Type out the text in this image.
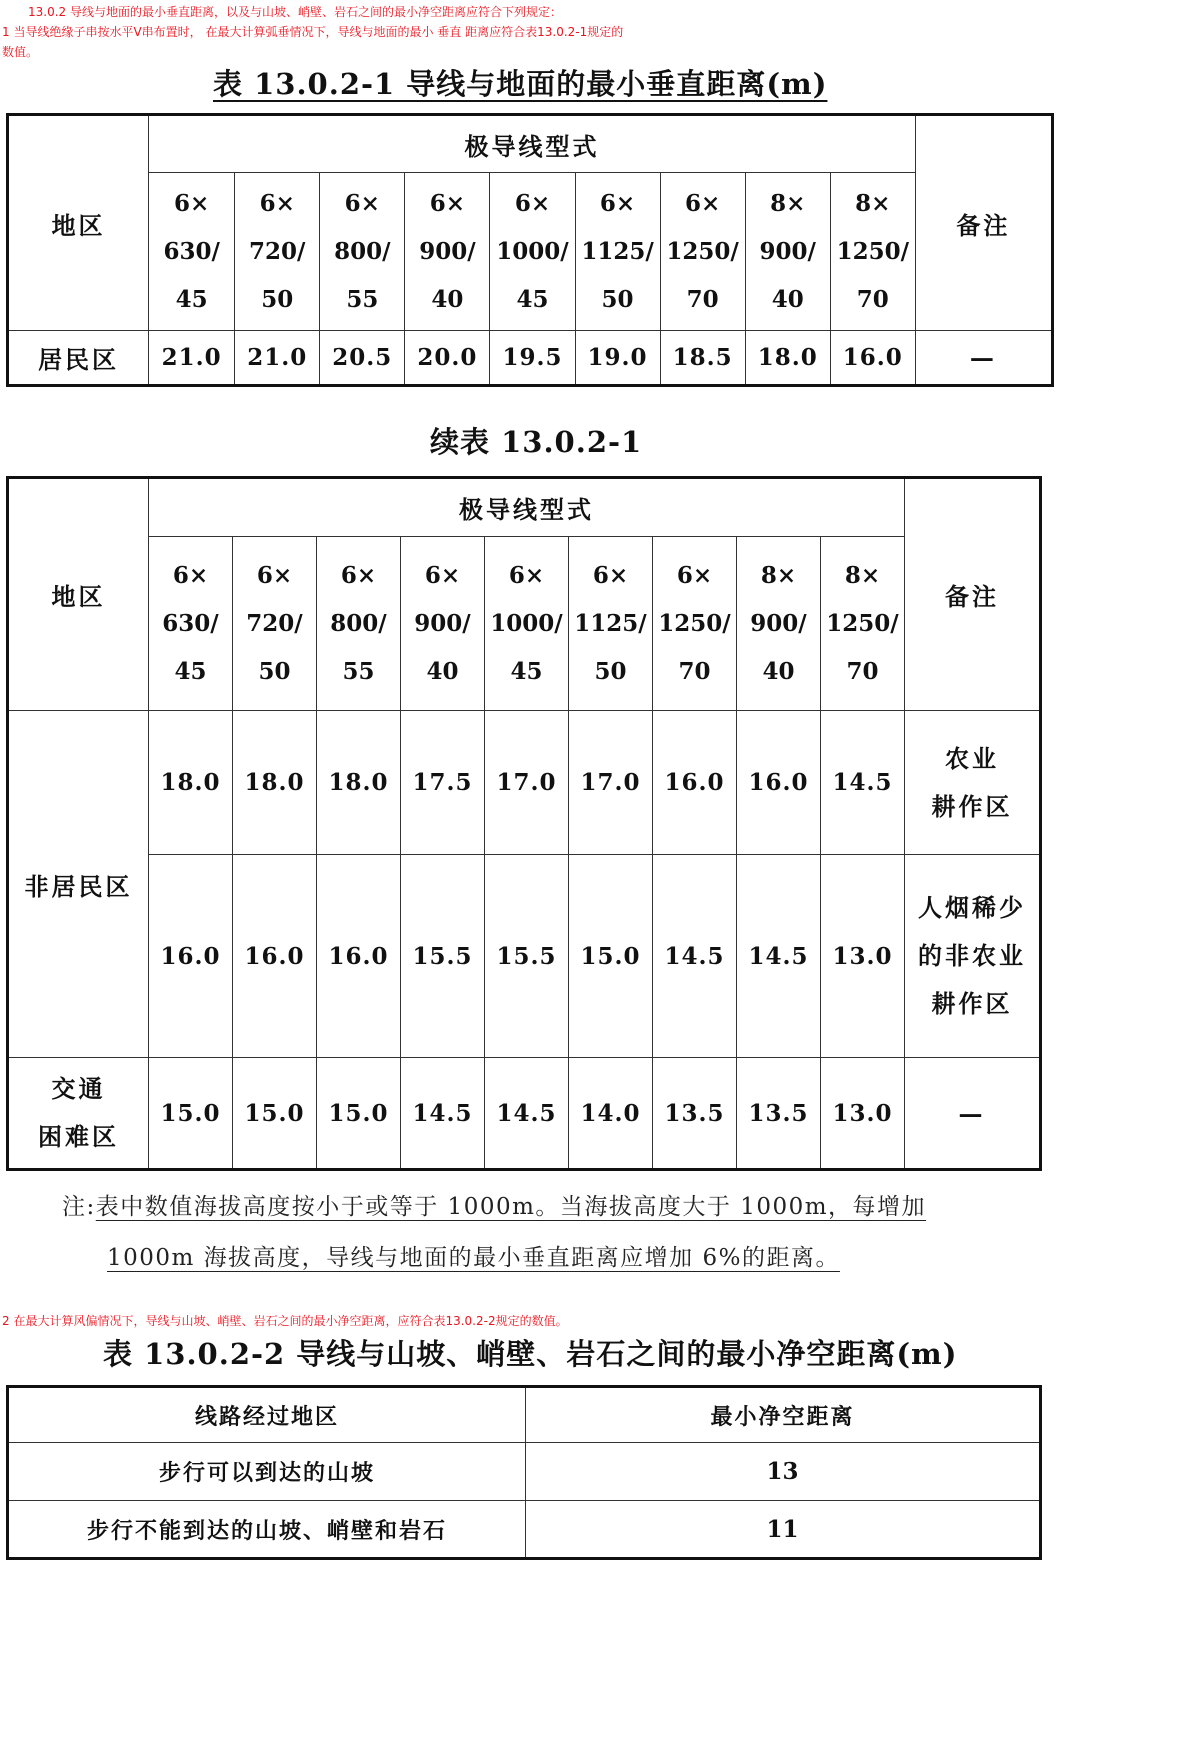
13.0.2 导线与地面的最小垂直距离，以及与山坡、峭壁、岩石之间的最小净空距离应符合下列规定：
1 当导线绝缘子串按水平V串布置时， 在最大计算弧垂情况下，导线与地面的最小 垂直 距离应符合表13.0.2-1规定的
数值。
表 13.0.2-1 导线与地面的最小垂直距离(m)
地区	极导线型式									备注
	6×
630/
45	6×
720/
50	6×
800/
55	6×
900/
40	6×
1000/
45	6×
1125/
50	6×
1250/
70	8×
900/
40	8×
1250/
70	
居民区	21.0	21.0	20.5	20.0	19.5	19.0	18.5	18.0	16.0	—
续表 13.0.2-1
地区	极导线型式									备注
	6×
630/
45	6×
720/
50	6×
800/
55	6×
900/
40	6×
1000/
45	6×
1125/
50	6×
1250/
70	8×
900/
40	8×
1250/
70	
非居民区	18.0	18.0	18.0	17.5	17.0	17.0	16.0	16.0	14.5	农业
耕作区
	16.0	16.0	16.0	15.5	15.5	15.0	14.5	14.5	13.0	人烟稀少
的非农业
耕作区
交通
困难区	15.0	15.0	15.0	14.5	14.5	14.0	13.5	13.5	13.0	—
注:表中数值海拔高度按小于或等于 1000m。当海拔高度大于 1000m，每增加
1000m 海拔高度，导线与地面的最小垂直距离应增加 6%的距离。
2 在最大计算风偏情况下，导线与山坡、峭壁、岩石之间的最小净空距离，应符合表13.0.2-2规定的数值。
表 13.0.2-2 导线与山坡、峭壁、岩石之间的最小净空距离(m)
线路经过地区	最小净空距离
步行可以到达的山坡	13
步行不能到达的山坡、峭壁和岩石	11
